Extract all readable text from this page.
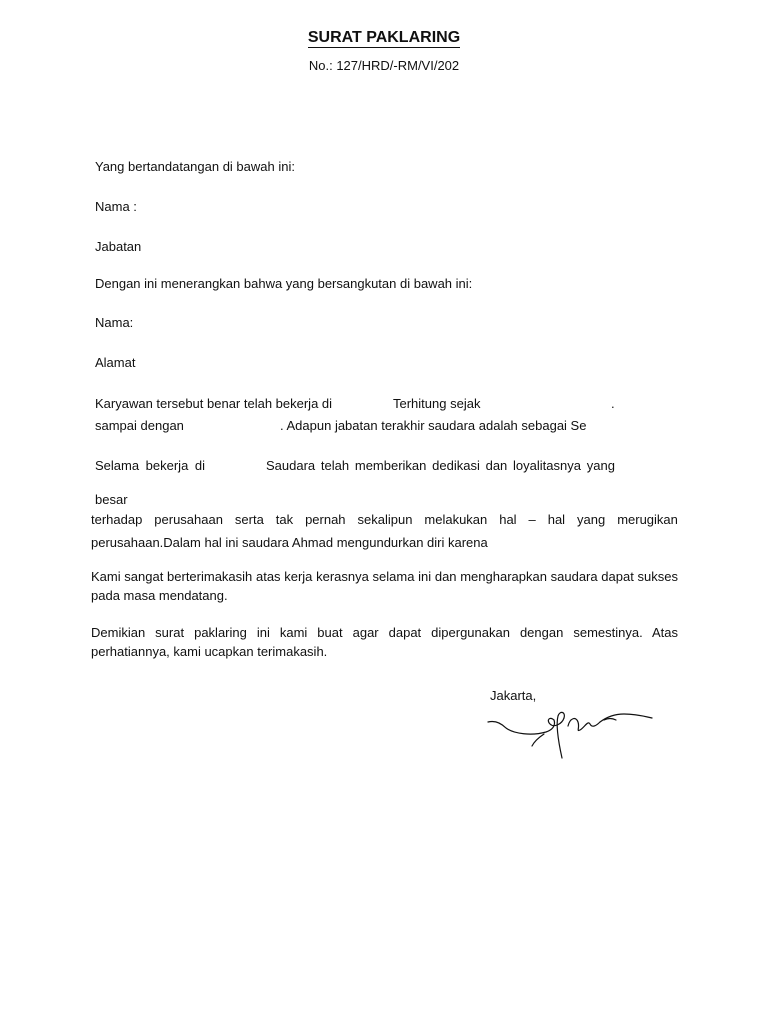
SURAT PAKLARING
No.: 127/HRD/-RM/VI/202
Yang bertandatangan di bawah ini:
Nama :
Jabatan
Dengan ini menerangkan bahwa yang bersangkutan di bawah ini:
Nama:
Alamat
Karyawan tersebut benar telah bekerja di	Terhitung sejak	.
sampai dengan	. Adapun jabatan terakhir saudara adalah sebagai Se
Selama bekerja di	Saudara telah memberikan dedikasi dan loyalitasnya yang
besar
terhadap perusahaan serta tak pernah sekalipun melakukan hal – hal yang merugikan
perusahaan.Dalam hal ini saudara Ahmad mengundurkan diri karena
Kami sangat berterimakasih atas kerja kerasnya selama ini dan mengharapkan saudara dapat sukses pada masa mendatang.
Demikian surat paklaring ini kami buat agar dapat dipergunakan dengan semestinya. Atas perhatiannya, kami ucapkan terimakasih.
Jakarta,
